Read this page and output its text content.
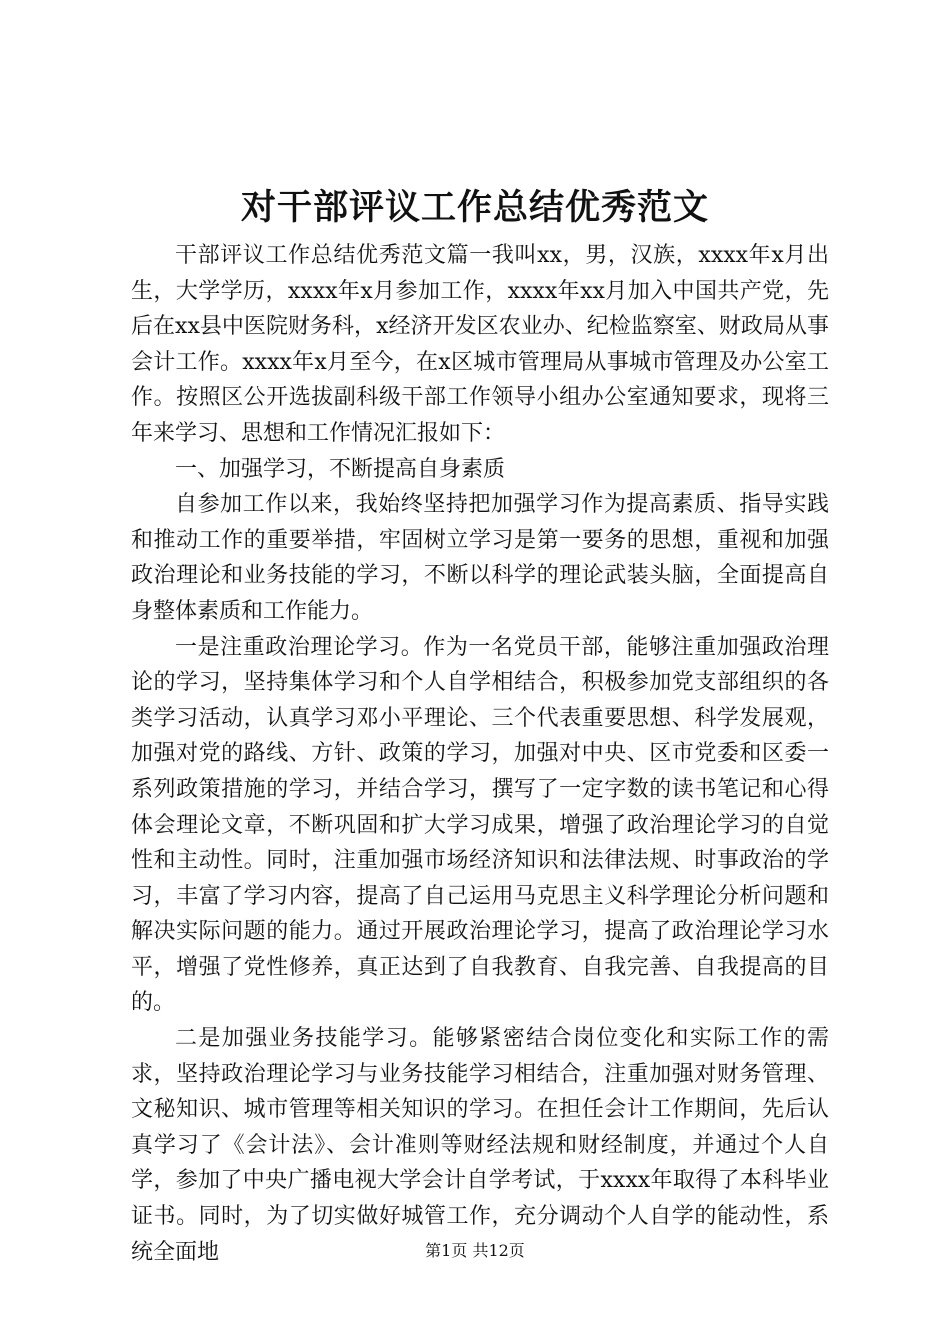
对干部评议工作总结优秀范文

干部评议工作总结优秀范文篇一我叫xx，男，汉族，xxxx年x月出生，大学学历，xxxx年x月参加工作，xxxx年xx月加入中国共产党，先后在xx县中医院财务科，x经济开发区农业办、纪检监察室、财政局从事会计工作。xxxx年x月至今，在x区城市管理局从事城市管理及办公室工作。按照区公开选拔副科级干部工作领导小组办公室通知要求，现将三年来学习、思想和工作情况汇报如下：

一、加强学习，不断提高自身素质

自参加工作以来，我始终坚持把加强学习作为提高素质、指导实践和推动工作的重要举措，牢固树立学习是第一要务的思想，重视和加强政治理论和业务技能的学习，不断以科学的理论武装头脑，全面提高自身整体素质和工作能力。

一是注重政治理论学习。作为一名党员干部，能够注重加强政治理论的学习，坚持集体学习和个人自学相结合，积极参加党支部组织的各类学习活动，认真学习邓小平理论、三个代表重要思想、科学发展观，加强对党的路线、方针、政策的学习，加强对中央、区市党委和区委一系列政策措施的学习，并结合学习，撰写了一定字数的读书笔记和心得体会理论文章，不断巩固和扩大学习成果，增强了政治理论学习的自觉性和主动性。同时，注重加强市场经济知识和法律法规、时事政治的学习，丰富了学习内容，提高了自己运用马克思主义科学理论分析问题和解决实际问题的能力。通过开展政治理论学习，提高了政治理论学习水平，增强了党性修养，真正达到了自我教育、自我完善、自我提高的目的。

二是加强业务技能学习。能够紧密结合岗位变化和实际工作的需求，坚持政治理论学习与业务技能学习相结合，注重加强对财务管理、文秘知识、城市管理等相关知识的学习。在担任会计工作期间，先后认真学习了《会计法》、会计准则等财经法规和财经制度，并通过个人自学，参加了中央广播电视大学会计自学考试，于xxxx年取得了本科毕业证书。同时，为了切实做好城管工作，充分调动个人自学的能动性，系统全面地	第1页 共12页
